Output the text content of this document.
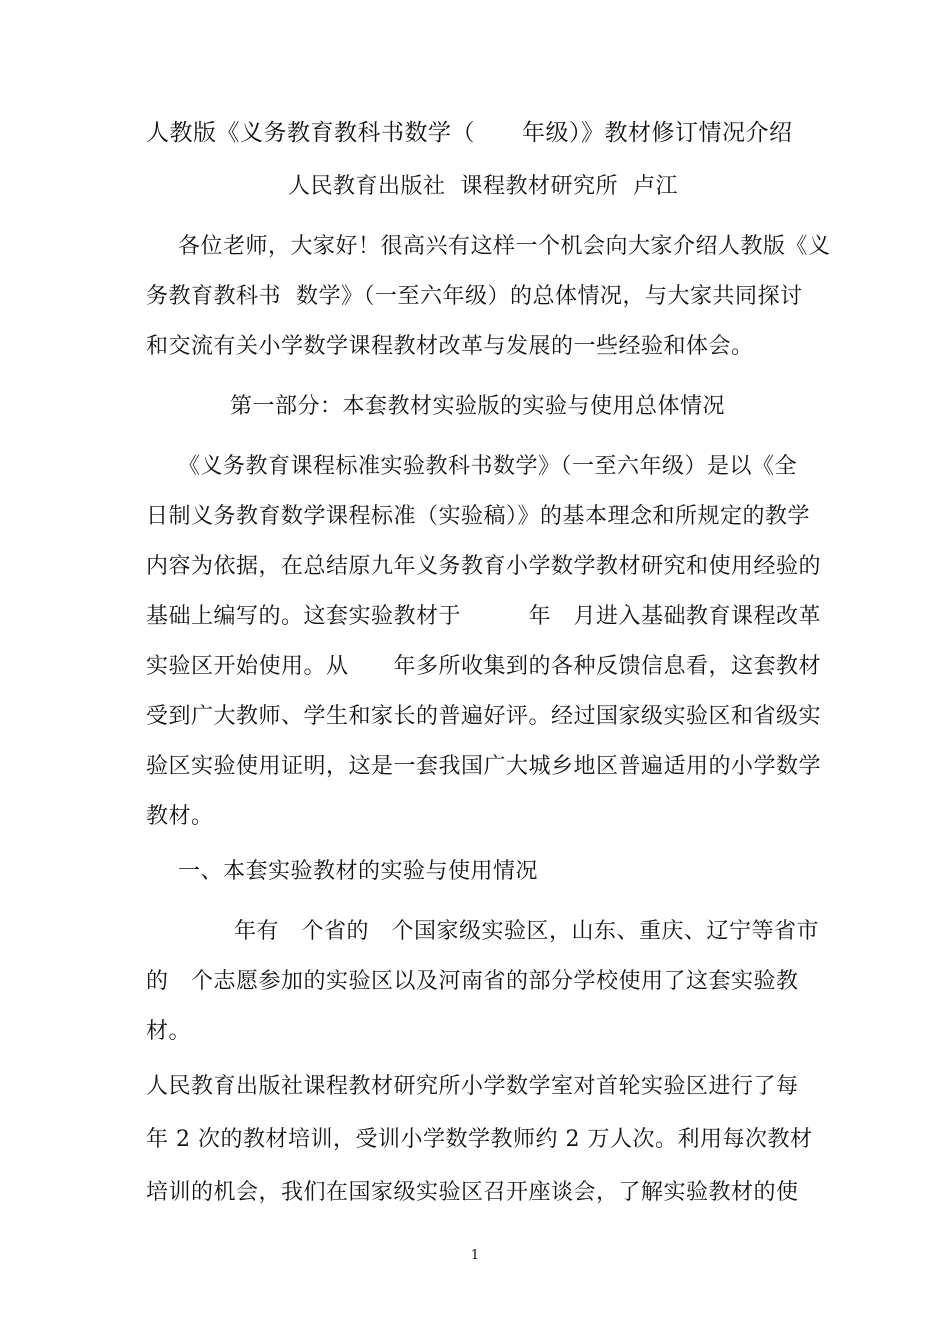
人教版《义务教育教科书数学（　　年级）》教材修订情况介绍
人民教育出版社  课程教材研究所  卢江
各位老师，大家好！很高兴有这样一个机会向大家介绍人教版《义
务教育教科书  数学》（一至六年级）的总体情况，与大家共同探讨
和交流有关小学数学课程教材改革与发展的一些经验和体会。
第一部分：本套教材实验版的实验与使用总体情况
《义务教育课程标准实验教科书数学》（一至六年级）是以《全
日制义务教育数学课程标准（实验稿）》的基本理念和所规定的教学
内容为依据，在总结原九年义务教育小学数学教材研究和使用经验的
基础上编写的。这套实验教材于　　　年　月进入基础教育课程改革
实验区开始使用。从　　年多所收集到的各种反馈信息看，这套教材
受到广大教师、学生和家长的普遍好评。经过国家级实验区和省级实
验区实验使用证明，这是一套我国广大城乡地区普遍适用的小学数学
教材。
一、本套实验教材的实验与使用情况
　　年有　个省的　个国家级实验区，山东、重庆、辽宁等省市
的　个志愿参加的实验区以及河南省的部分学校使用了这套实验教
材。
人民教育出版社课程教材研究所小学数学室对首轮实验区进行了每
年 2 次的教材培训，受训小学数学教师约 2 万人次。利用每次教材
培训的机会，我们在国家级实验区召开座谈会，了解实验教材的使
1
